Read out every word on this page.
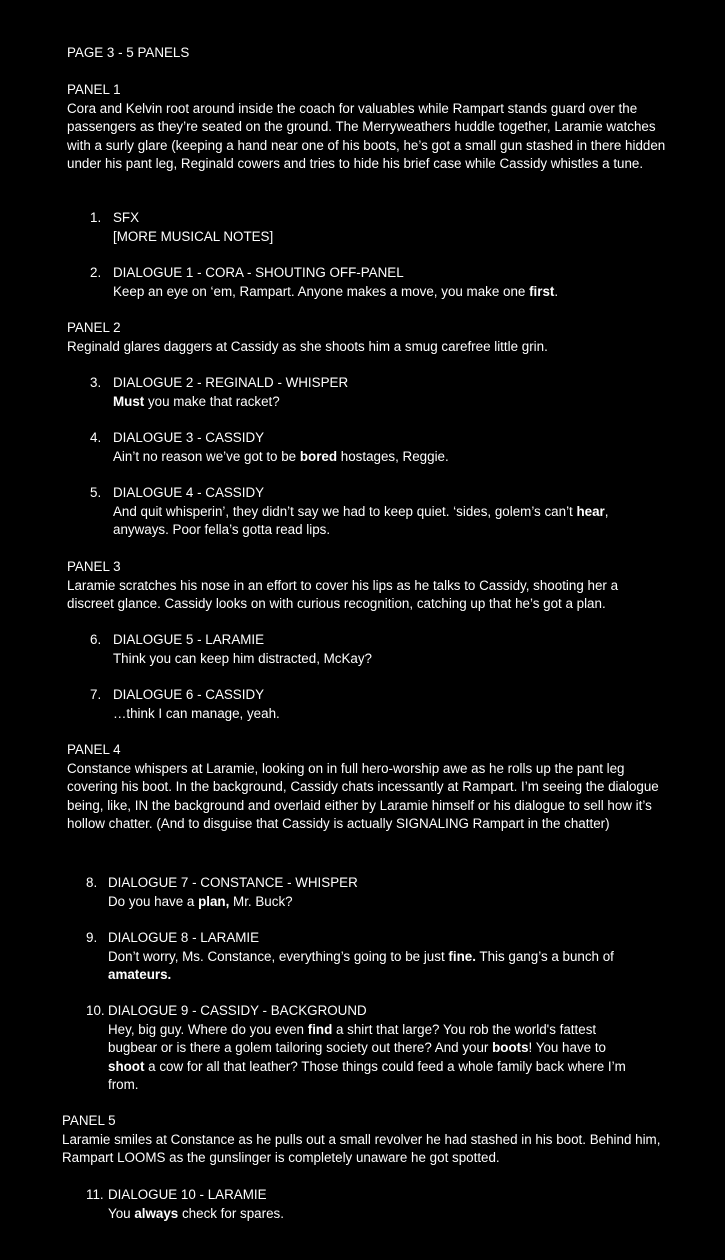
PAGE 3 - 5 PANELS
PANEL 1
Cora and Kelvin root around inside the coach for valuables while Rampart stands guard over the passengers as they’re seated on the ground. The Merryweathers huddle together, Laramie watches with a surly glare (keeping a hand near one of his boots, he’s got a small gun stashed in there hidden under his pant leg, Reginald cowers and tries to hide his brief case while Cassidy whistles a tune.
1. SFX
[MORE MUSICAL NOTES]
2. DIALOGUE 1 - CORA - SHOUTING OFF-PANEL
Keep an eye on ‘em, Rampart. Anyone makes a move, you make one first.
PANEL 2
Reginald glares daggers at Cassidy as she shoots him a smug carefree little grin.
3. DIALOGUE 2 - REGINALD - WHISPER
Must you make that racket?
4. DIALOGUE 3 - CASSIDY
Ain’t no reason we’ve got to be bored hostages, Reggie.
5. DIALOGUE 4 - CASSIDY
And quit whisperin’, they didn’t say we had to keep quiet. ‘sides, golem’s can’t hear, anyways. Poor fella’s gotta read lips.
PANEL 3
Laramie scratches his nose in an effort to cover his lips as he talks to Cassidy, shooting her a discreet glance. Cassidy looks on with curious recognition, catching up that he’s got a plan.
6. DIALOGUE 5 - LARAMIE
Think you can keep him distracted, McKay?
7. DIALOGUE 6 - CASSIDY
…think I can manage, yeah.
PANEL 4
Constance whispers at Laramie, looking on in full hero-worship awe as he rolls up the pant leg covering his boot. In the background, Cassidy chats incessantly at Rampart. I’m seeing the dialogue being, like, IN the background and overlaid either by Laramie himself or his dialogue to sell how it’s hollow chatter. (And to disguise that Cassidy is actually SIGNALING Rampart in the chatter)
8. DIALOGUE 7 - CONSTANCE - WHISPER
Do you have a plan, Mr. Buck?
9. DIALOGUE 8 - LARAMIE
Don’t worry, Ms. Constance, everything’s going to be just fine. This gang’s a bunch of amateurs.
10. DIALOGUE 9 - CASSIDY - BACKGROUND
Hey, big guy. Where do you even find a shirt that large? You rob the world's fattest bugbear or is there a golem tailoring society out there? And your boots! You have to shoot a cow for all that leather? Those things could feed a whole family back where I’m from.
PANEL 5
Laramie smiles at Constance as he pulls out a small revolver he had stashed in his boot. Behind him, Rampart LOOMS as the gunslinger is completely unaware he got spotted.
11. DIALOGUE 10 - LARAMIE
You always check for spares.
